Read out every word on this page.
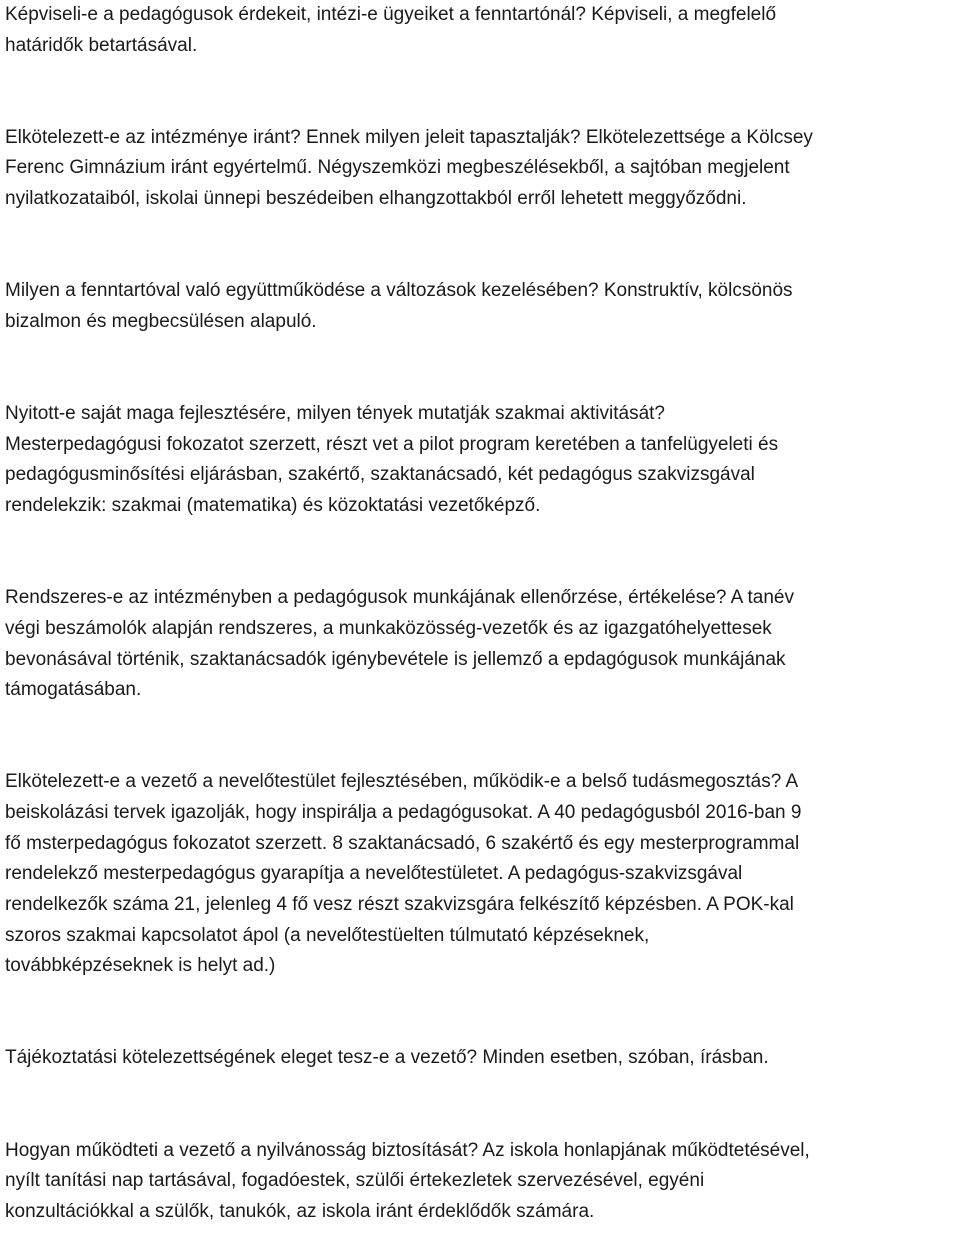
Képviseli-e a pedagógusok érdekeit, intézi-e ügyeiket a fenntartónál? Képviseli, a megfelelő
határidők betartásával.
Elkötelezett-e az intézménye iránt? Ennek milyen jeleit tapasztalják? Elkötelezettsége a Kölcsey
Ferenc Gimnázium iránt egyértelmű. Négyszemközi megbeszélésekből, a sajtóban megjelent
nyilatkozataiból, iskolai ünnepi beszédeiben elhangzottakból erről lehetett meggyőződni.
Milyen a fenntartóval való együttműködése a változások kezelésében? Konstruktív, kölcsönös
bizalmon és megbecsülésen alapuló.
Nyitott-e saját maga fejlesztésére, milyen tények mutatják szakmai aktivitását?
Mesterpedagógusi fokozatot szerzett, részt vet a pilot program keretében a tanfelügyeleti és
pedagógusminősítési eljárásban, szakértő, szaktanácsadó, két pedagógus szakvizsgával
rendelekzik: szakmai (matematika) és közoktatási vezetőképző.
Rendszeres-e az intézményben a pedagógusok munkájának ellenőrzése, értékelése? A tanév
végi beszámolók alapján rendszeres, a munkaközösség-vezetők és az igazgatóhelyettesek
bevonásával történik, szaktanácsadók igénybevétele is jellemző a epdagógusok munkájának
támogatásában.
Elkötelezett-e a vezető a nevelőtestület fejlesztésében, működik-e a belső tudásmegosztás? A
beiskolázási tervek igazolják, hogy inspirálja a pedagógusokat. A 40 pedagógusból 2016-ban 9
fő msterpedagógus fokozatot szerzett. 8 szaktanácsadó, 6 szakértő és egy mesterprogrammal
rendelekző mesterpedagógus gyarapítja a nevelőtestületet. A pedagógus-szakvizsgával
rendelkezők száma 21, jelenleg 4 fő vesz részt szakvizsgára felkészítő képzésben. A POK-kal
szoros szakmai kapcsolatot ápol (a nevelőtestüelten túlmutató képzéseknek,
továbbképzéseknek is helyt ad.)
Tájékoztatási kötelezettségének eleget tesz-e a vezető? Minden esetben, szóban, írásban.
Hogyan működteti a vezető a nyilvánosság biztosítását? Az iskola honlapjának működtetésével,
nyílt tanítási nap tartásával, fogadóestek, szülői értekezletek szervezésével, egyéni
konzultációkkal a szülők, tanukók, az iskola iránt érdeklődők számára.
